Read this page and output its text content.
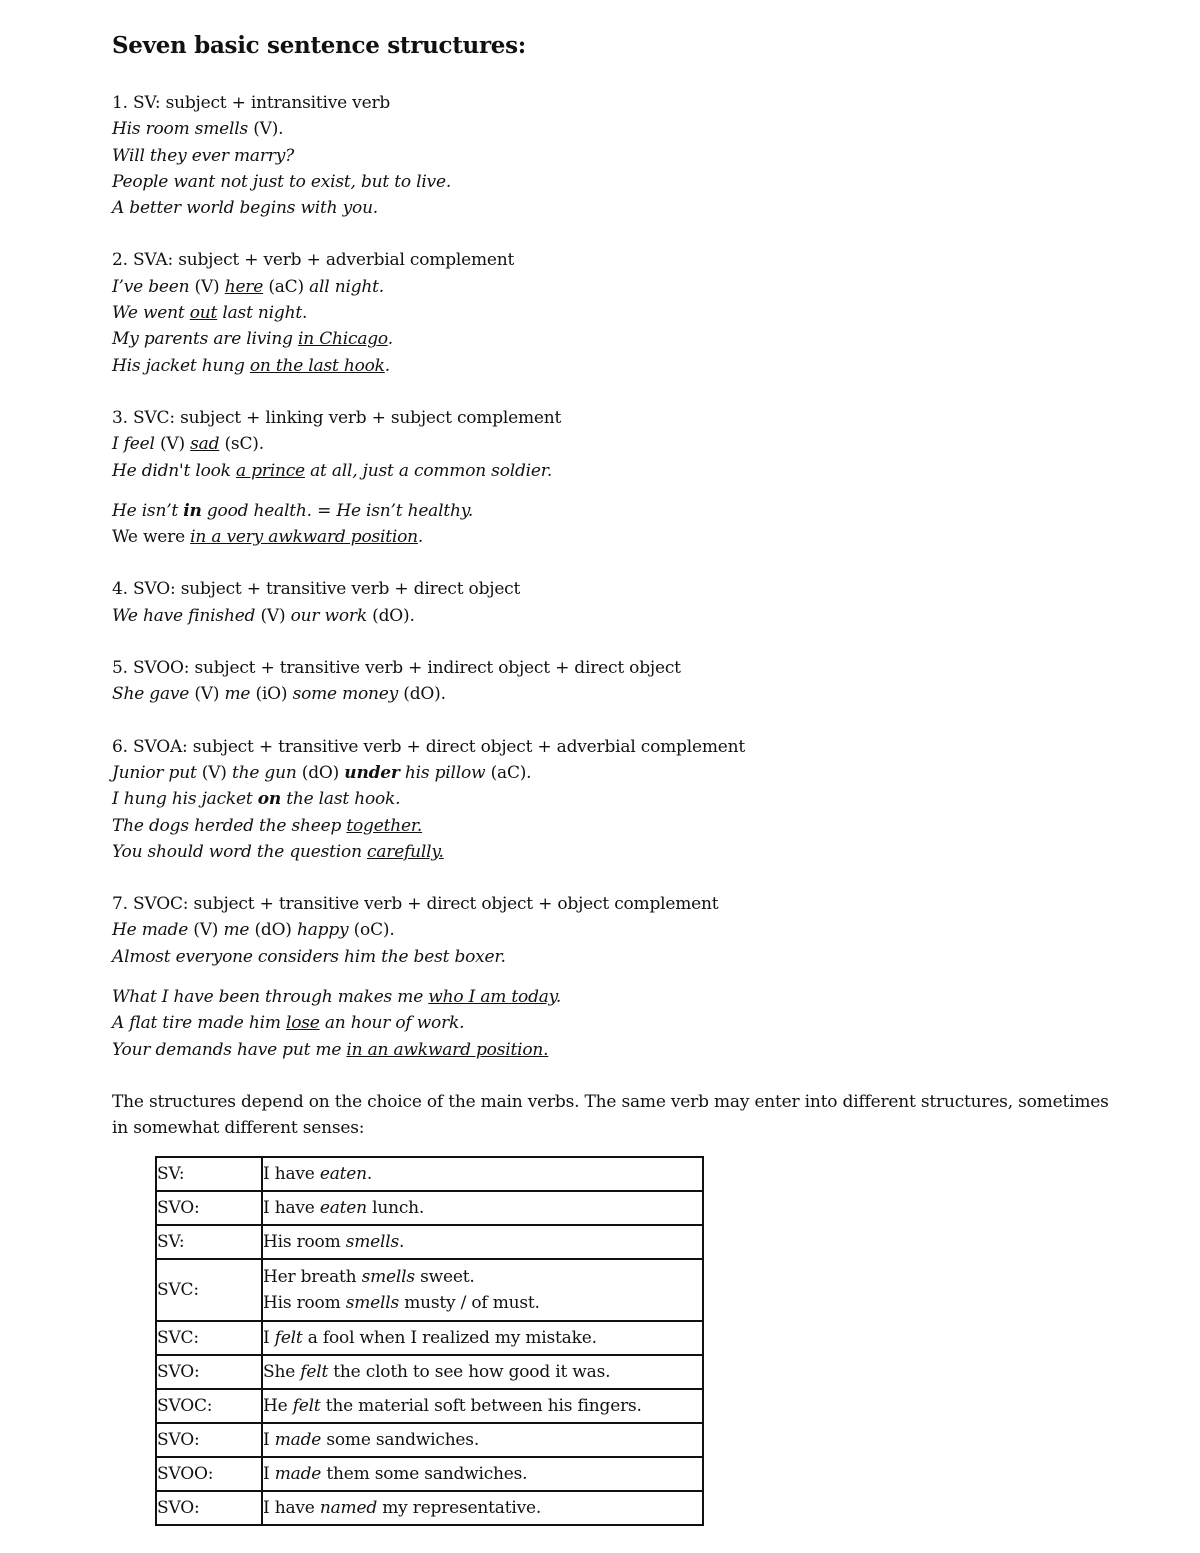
Seven basic sentence structures:
1. SV: subject + intransitive verb
His room smells (V).
Will they ever marry?
People want not just to exist, but to live.
A better world begins with you.
2. SVA: subject + verb + adverbial complement
I’ve been (V) here (aC) all night.
We went out last night.
My parents are living in Chicago.
His jacket hung on the last hook.
3. SVC: subject + linking verb + subject complement
I feel (V) sad (sC).
He didn't look a prince at all, just a common soldier.
He isn’t in good health. = He isn’t healthy.
We were in a very awkward position.
4. SVO: subject + transitive verb + direct object
We have finished (V) our work (dO).
5. SVOO: subject + transitive verb + indirect object + direct object
She gave (V) me (iO) some money (dO).
6. SVOA: subject + transitive verb + direct object + adverbial complement
Junior put (V) the gun (dO) under his pillow (aC).
I hung his jacket on the last hook.
The dogs herded the sheep together.
You should word the question carefully.
7. SVOC: subject + transitive verb + direct object + object complement
He made (V) me (dO) happy (oC).
Almost everyone considers him the best boxer.
What I have been through makes me who I am today.
A flat tire made him lose an hour of work.
Your demands have put me in an awkward position.

The structures depend on the choice of the main verbs. The same verb may enter into different structures, sometimes in somewhat different senses:

SV:	I have eaten.

SVO:	I have eaten lunch.

SV:	His room smells.

SVC:	Her breath smells sweet.
His room smells musty / of must.

SVC:	I felt a fool when I realized my mistake.

SVO:	She felt the cloth to see how good it was.

SVOC:	He felt the material soft between his fingers.

SVO:	I made some sandwiches.

SVOO:	I made them some sandwiches.

SVO:	I have named my representative.
